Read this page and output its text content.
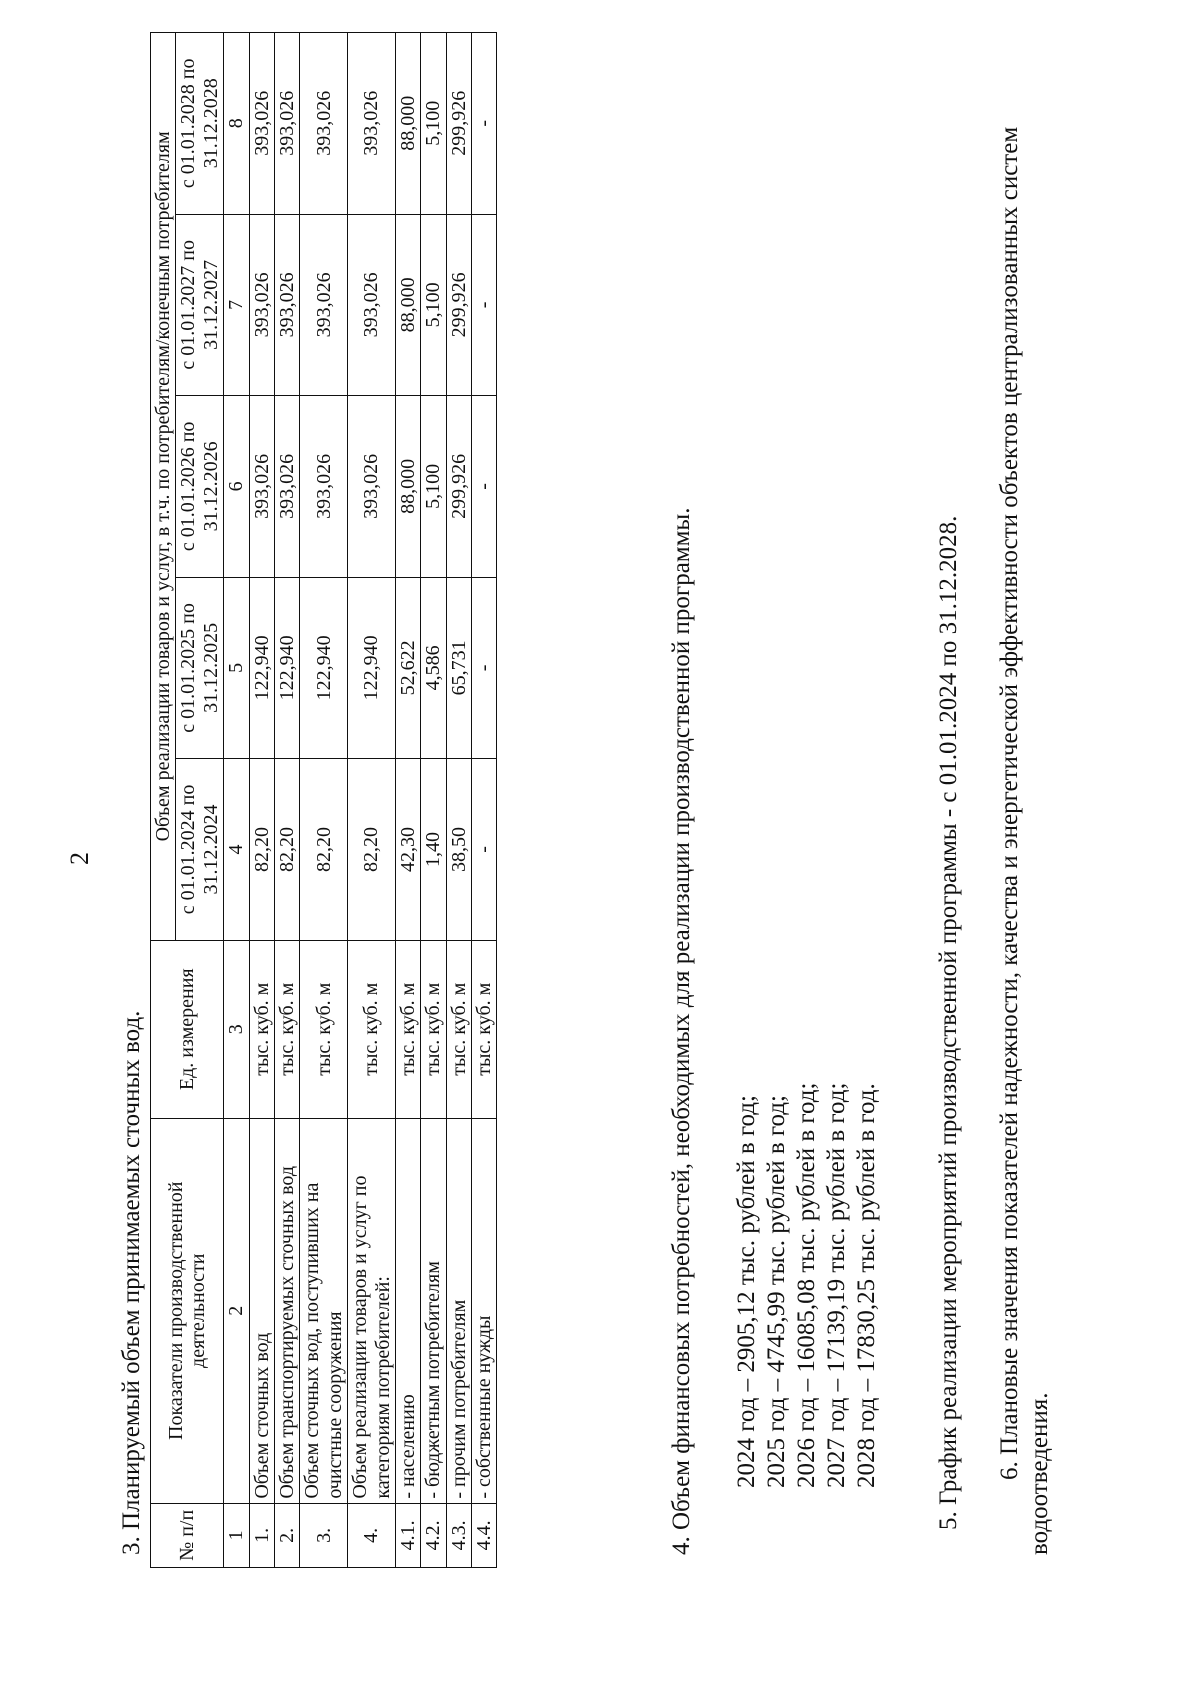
2
3. Планируемый объем принимаемых сточных вод. № п/п	Показатели производственной деятельности	Ед. измерения	Объем реализации товаров и услуг, в т.ч. по потребителям/конечным потребителям				
			с 01.01.2024 по 31.12.2024	с 01.01.2025 по 31.12.2025	с 01.01.2026 по 31.12.2026	с 01.01.2027 по 31.12.2027	с 01.01.2028 по 31.12.2028
1	2	3	4	5	6	7	8
1.	Объем сточных вод	тыс. куб. м	82,20	122,940	393,026	393,026	393,026
2.	Объем транспортируемых сточных вод	тыс. куб. м	82,20	122,940	393,026	393,026	393,026
3.	Объем сточных вод, поступивших на очистные сооружения	тыс. куб. м	82,20	122,940	393,026	393,026	393,026
4.	Объем реализации товаров и услуг по категориям потребителей:	тыс. куб. м	82,20	122,940	393,026	393,026	393,026
4.1.	- населению	тыс. куб. м	42,30	52,622	88,000	88,000	88,000
4.2.	- бюджетным потребителям	тыс. куб. м	1,40	4,586	5,100	5,100	5,100
4.3.	- прочим потребителям	тыс. куб. м	38,50	65,731	299,926	299,926	299,926
4.4.	- собственные нужды	тыс. куб. м	-	-	-	-	-
4. Объем финансовых потребностей, необходимых для реализации производственной программы. 2024 год – 2905,12 тыс. рублей в год; 2025 год – 4745,99 тыс. рублей в год; 2026 год – 16085,08 тыс. рублей в год; 2027 год – 17139,19 тыс. рублей в год; 2028 год – 17830,25 тыс. рублей в год. 5. График реализации мероприятий производственной программы - с 01.01.2024 по 31.12.2028. 6. Плановые значения показателей надежности, качества и энергетической эффективности объектов централизованных систем водоотведения.
